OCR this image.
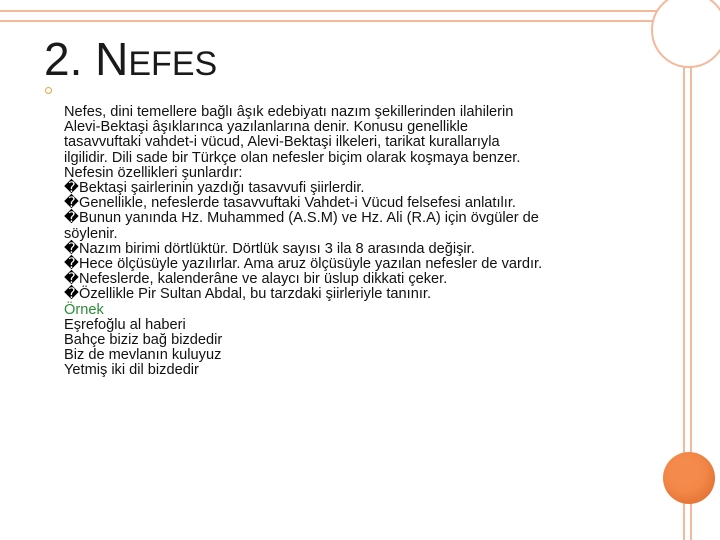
2. NEFES
Nefes, dini temellere bağlı âşık edebiyatı nazım şekillerinden ilahilerin
Alevi-Bektaşi âşıklarınca yazılanlarına denir. Konusu genellikle
tasavvuftaki vahdet-i vücud, Alevi-Bektaşi ilkeleri, tarikat kurallarıyla
ilgilidir. Dili sade bir Türkçe olan nefesler biçim olarak koşmaya benzer.
Nefesin özellikleri şunlardır:
�Bektaşi şairlerinin yazdığı tasavvufi şiirlerdir.
�Genellikle, nefeslerde tasavvuftaki Vahdet-i Vücud felsefesi anlatılır.
�Bunun yanında Hz. Muhammed (A.S.M) ve Hz. Ali (R.A) için övgüler de
söylenir.
�Nazım birimi dörtlüktür. Dörtlük sayısı 3 ila 8 arasında değişir.
�Hece ölçüsüyle yazılırlar. Ama aruz ölçüsüyle yazılan nefesler de vardır.
�Nefeslerde, kalenderâne ve alaycı bir üslup dikkati çeker.
�Özellikle Pir Sultan Abdal, bu tarzdaki şiirleriyle tanınır.
Örnek
Eşrefoğlu al haberi
Bahçe biziz bağ bizdedir
Biz de mevlanın kuluyuz
Yetmiş iki dil bizdedir
